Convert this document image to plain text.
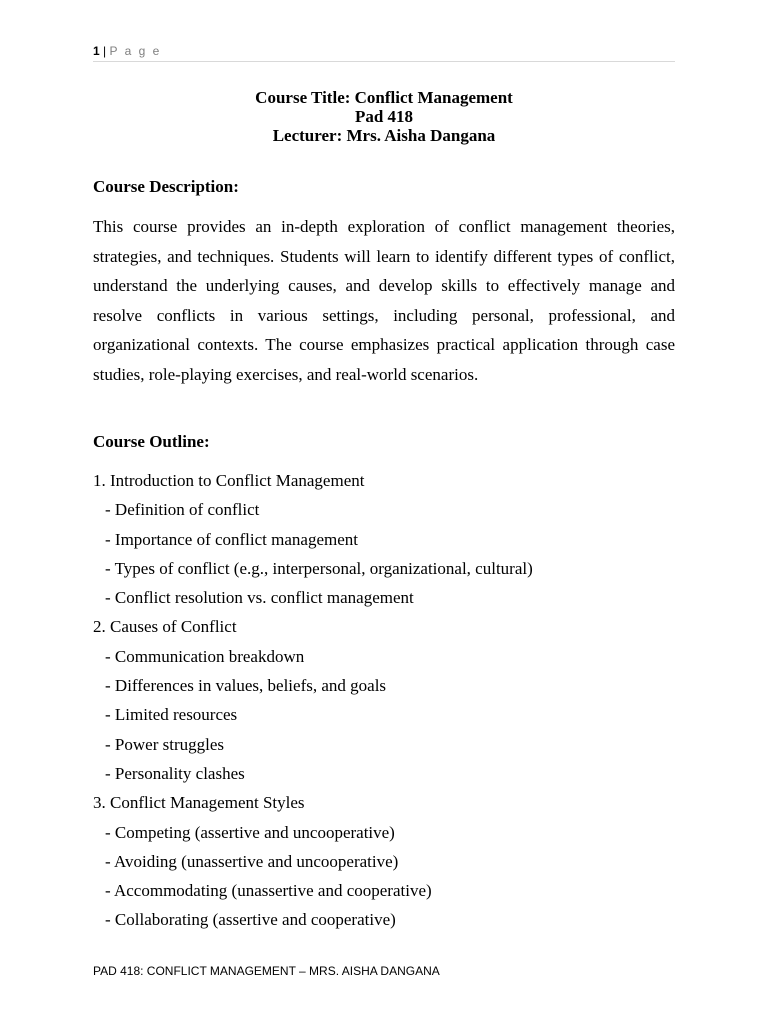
1 | P a g e
Course Title: Conflict Management
Pad 418
Lecturer: Mrs. Aisha Dangana

Course Description:

This course provides an in-depth exploration of conflict management theories, strategies, and techniques. Students will learn to identify different types of conflict, understand the underlying causes, and develop skills to effectively manage and resolve conflicts in various settings, including personal, professional, and organizational contexts. The course emphasizes practical application through case studies, role-playing exercises, and real-world scenarios.

Course Outline:

1. Introduction to Conflict Management
- Definition of conflict
- Importance of conflict management
- Types of conflict (e.g., interpersonal, organizational, cultural)
- Conflict resolution vs. conflict management
2. Causes of Conflict
- Communication breakdown
- Differences in values, beliefs, and goals
- Limited resources
- Power struggles
- Personality clashes
3. Conflict Management Styles
- Competing (assertive and uncooperative)
- Avoiding (unassertive and uncooperative)
- Accommodating (unassertive and cooperative)
- Collaborating (assertive and cooperative)
PAD 418: CONFLICT MANAGEMENT – MRS. AISHA DANGANA
